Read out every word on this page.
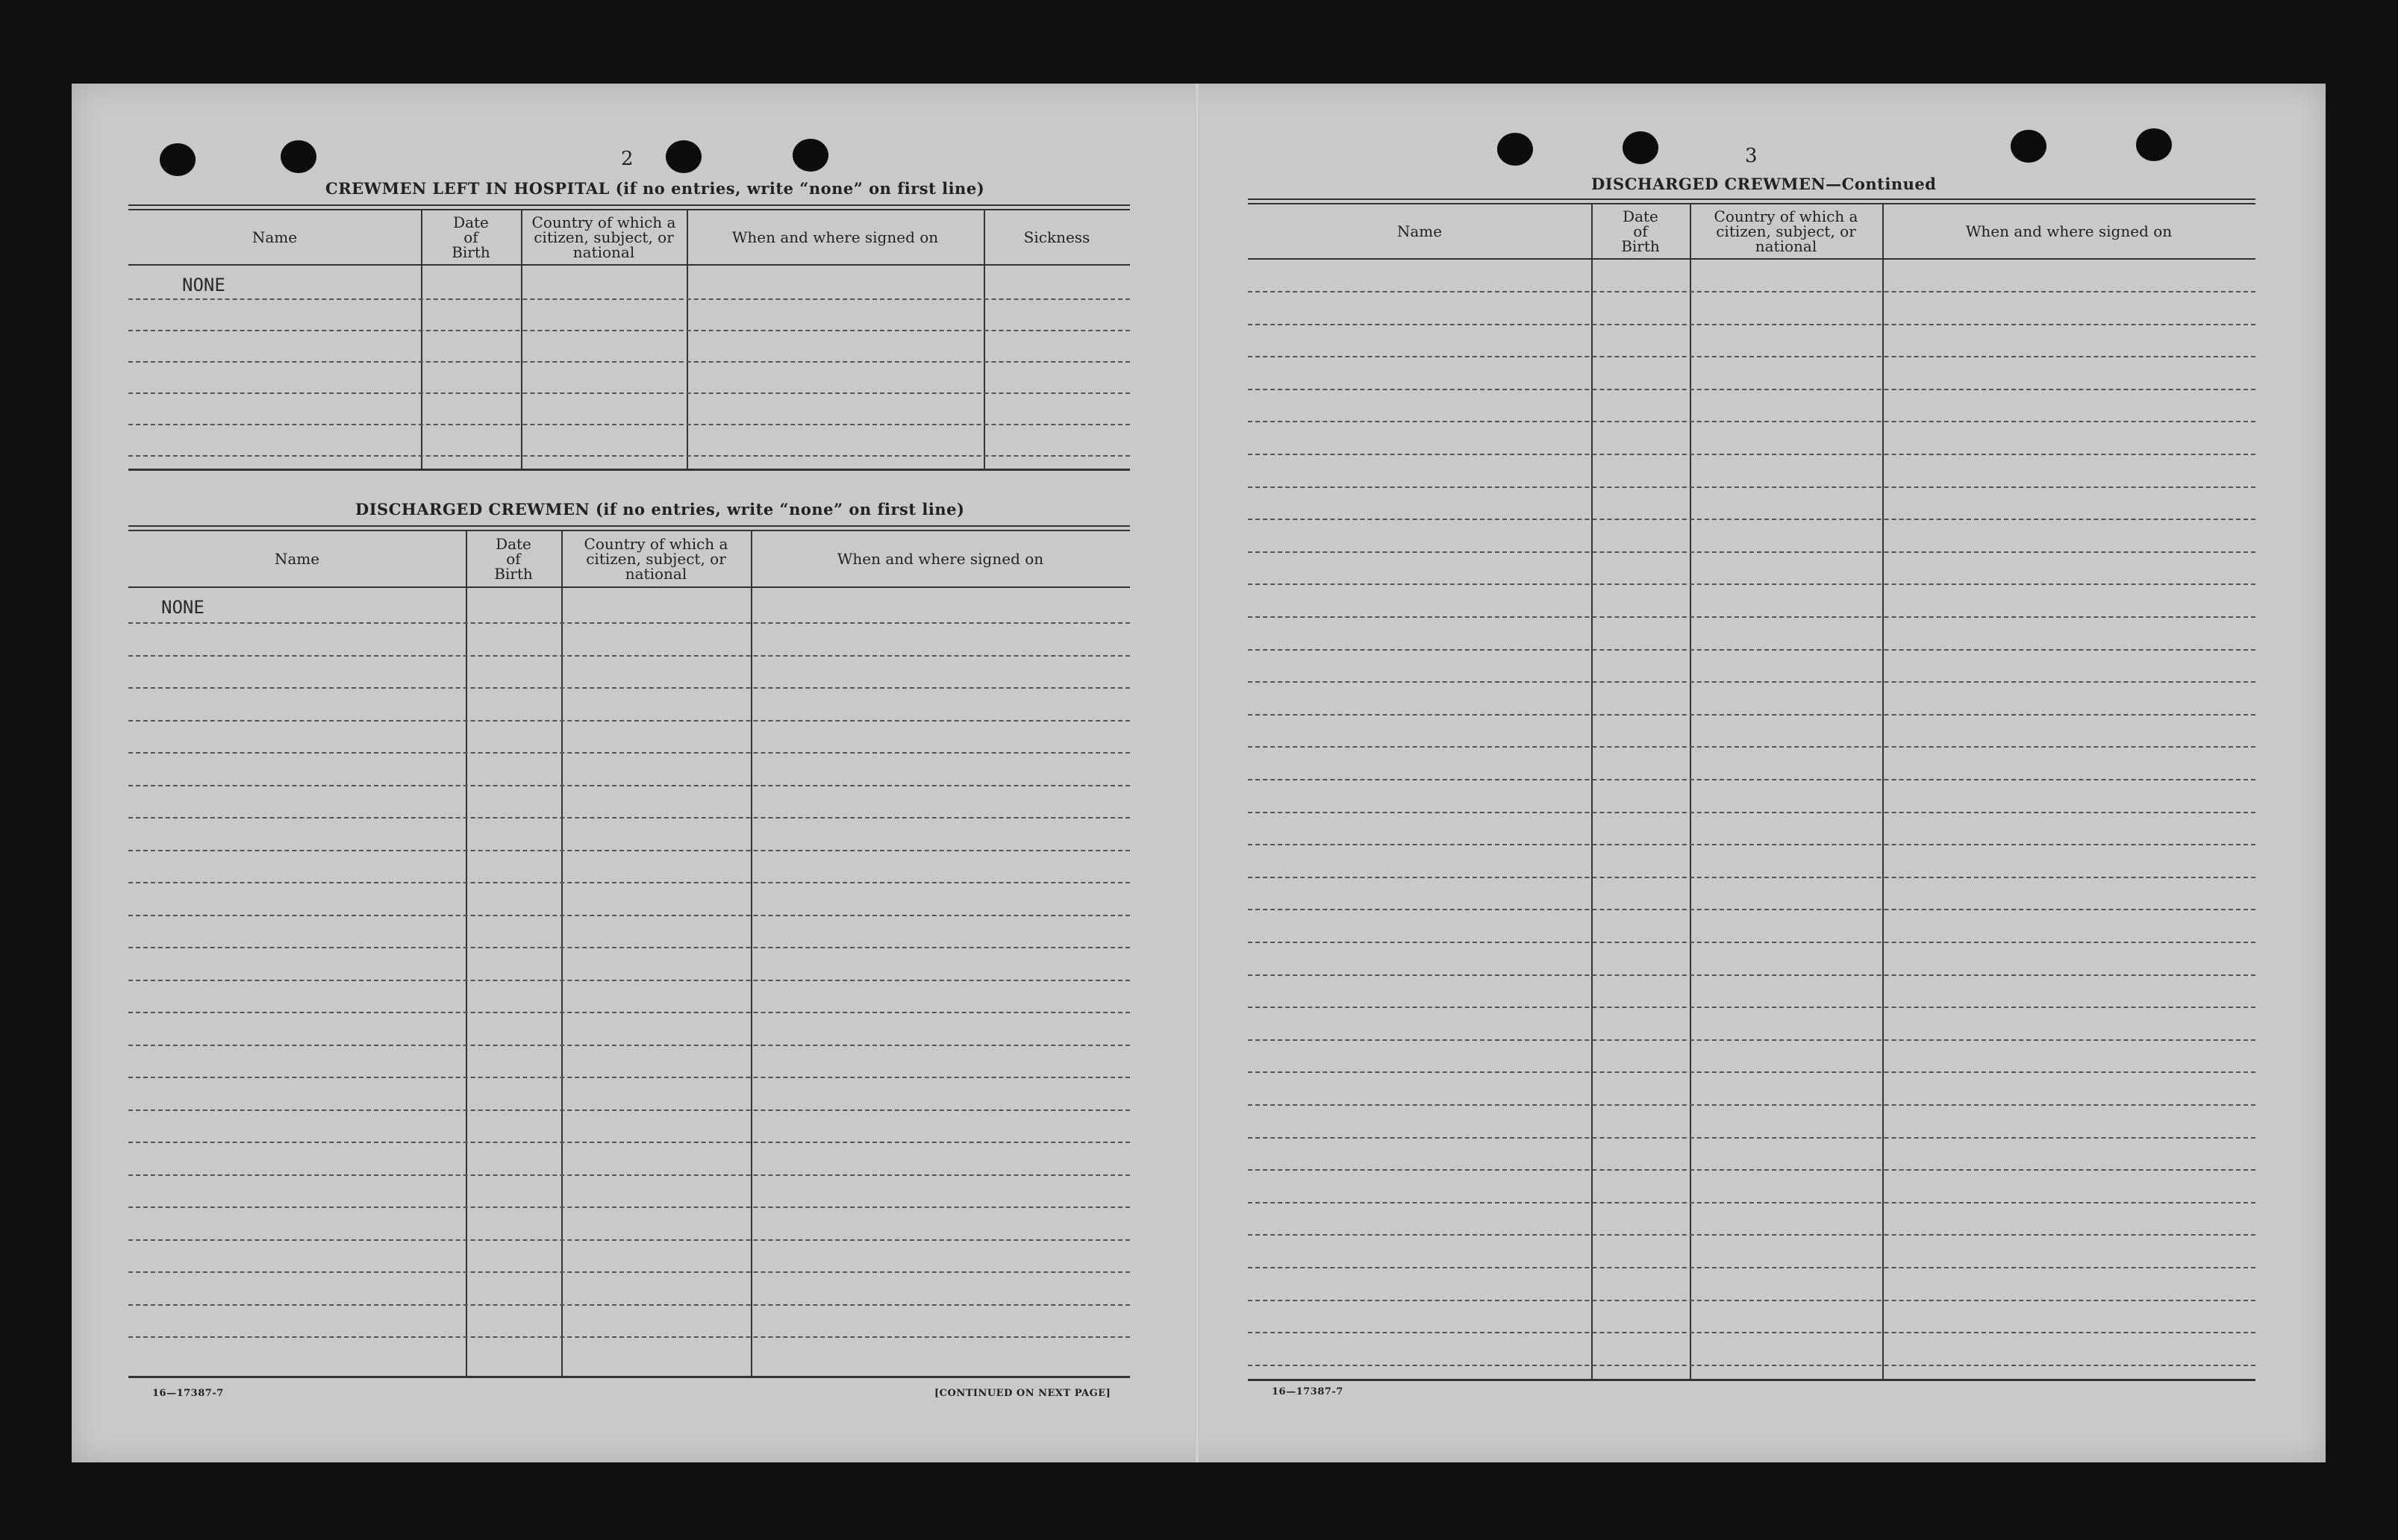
2
CREWMEN LEFT IN HOSPITAL (if no entries, write “none” on first line)
Name
Date
of
Birth
Country of which a
citizen, subject, or
national
When and where signed on	Sickness
NONE
DISCHARGED CREWMEN (if no entries, write “none” on first line)
Name
Date
of
Birth
Country of which a
citizen, subject, or
national
When and where signed on
NONE
16—17387-7	[CONTINUED ON NEXT PAGE]
3
DISCHARGED CREWMEN—Continued
Name
Date
of
Birth
Country of which a
citizen, subject, or
national
When and where signed on
16—17387-7
